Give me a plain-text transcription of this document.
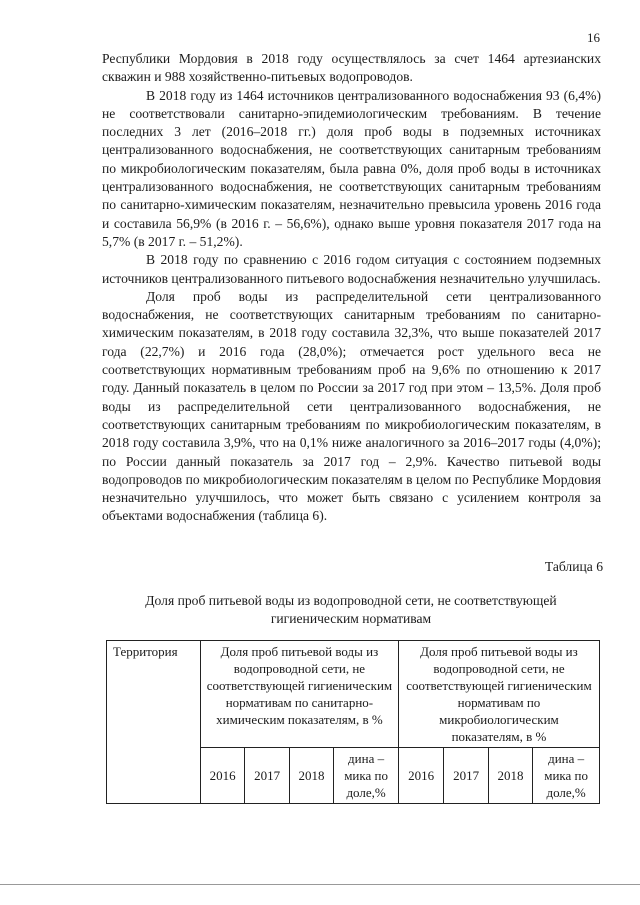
16

Республики Мордовия в 2018 году осуществлялось за счет 1464 артезианских скважин и 988 хозяйственно-питьевых водопроводов.

В 2018 году из 1464 источников централизованного водоснабжения 93 (6,4%) не соответствовали санитарно-эпидемиологическим требованиям. В течение последних 3 лет (2016–2018 гг.) доля проб воды в подземных источниках централизованного водоснабжения, не соответствующих санитарным требованиям по микробиологическим показателям, была равна 0%, доля проб воды в источниках централизованного водоснабжения, не соответствующих санитарным требованиям по санитарно-химическим показателям, незначительно превысила уровень 2016 года и составила 56,9% (в 2016 г. – 56,6%), однако выше уровня показателя 2017 года на 5,7% (в 2017 г. – 51,2%).

В 2018 году по сравнению с 2016 годом ситуация с состоянием подземных источников централизованного питьевого водоснабжения незначительно улучшилась.

Доля проб воды из распределительной сети централизованного водоснабжения, не соответствующих санитарным требованиям по санитарно-химическим показателям, в 2018 году составила 32,3%, что выше показателей 2017 года (22,7%) и 2016 года (28,0%); отмечается рост удельного веса не соответствующих нормативным требованиям проб на 9,6% по отношению к 2017 году. Данный показатель в целом по России за 2017 год при этом – 13,5%. Доля проб воды из распределительной сети централизованного водоснабжения, не соответствующих санитарным требованиям по микробиологическим показателям, в 2018 году составила 3,9%, что на 0,1% ниже аналогичного за 2016–2017 годы (4,0%); по России данный показатель за 2017 год – 2,9%. Качество питьевой воды водопроводов по микробиологическим показателям в целом по Республике Мордовия незначительно улучшилось, что может быть связано с усилением контроля за объектами водоснабжения (таблица 6).

Таблица 6
Доля проб питьевой воды из водопроводной сети, не соответствующей гигиеническим нормативам
Территория	Доля проб питьевой воды из водопроводной сети, не соответствующей гигиеническим нормативам по санитарно-химическим показателям, в %				Доля проб питьевой воды из водопроводной сети, не соответствующей гигиеническим нормативам по микробиологическим показателям, в %			
	2016	2017	2018	дина – мика по доле,%	2016	2017	2018	дина – мика по доле,%
